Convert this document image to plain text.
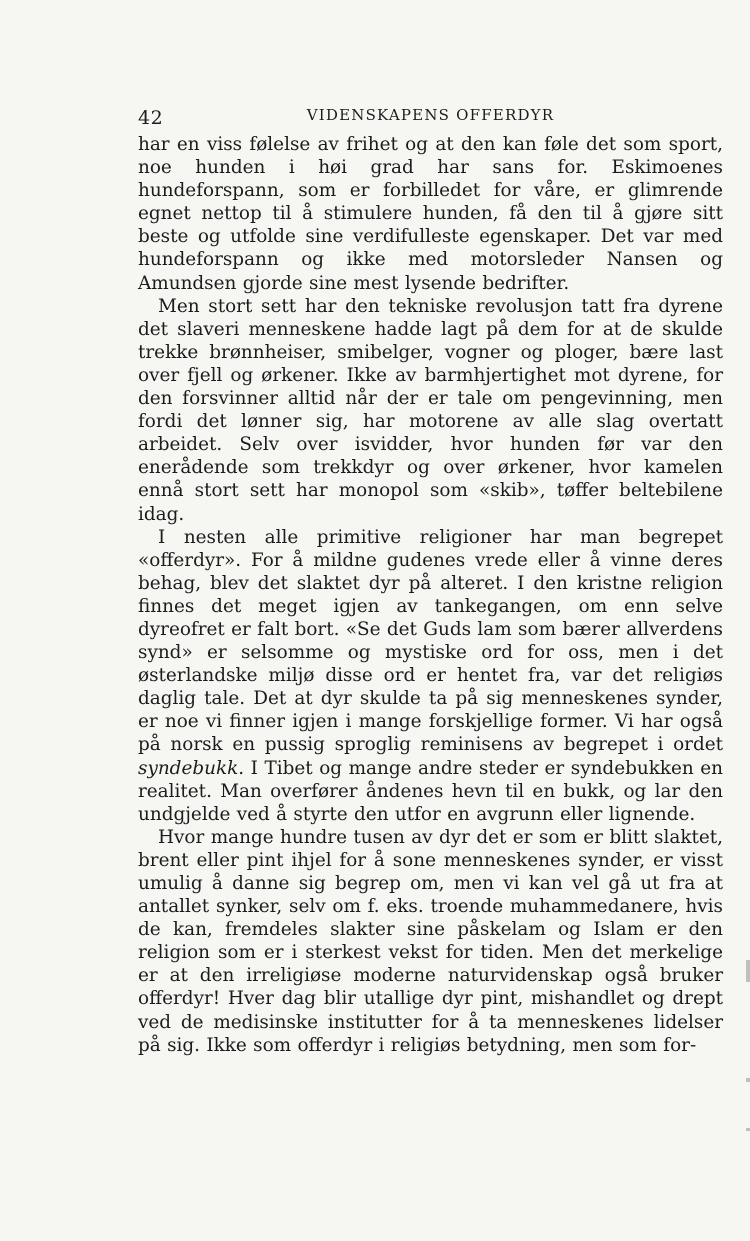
42	VIDENSKAPENS OFFERDYR

har en viss følelse av frihet og at den kan føle det som sport, noe hunden i høi grad har sans for. Eskimoenes hundeforspann, som er forbilledet for våre, er glimrende egnet nettop til å stimulere hunden, få den til å gjøre sitt beste og utfolde sine verdifulleste egenskaper. Det var med hundeforspann og ikke med motorsleder Nansen og Amundsen gjorde sine mest lysende bedrifter.

Men stort sett har den tekniske revolusjon tatt fra dyrene det slaveri menneskene hadde lagt på dem for at de skulde trekke brønnheiser, smibelger, vogner og ploger, bære last over fjell og ørkener. Ikke av barmhjertighet mot dyrene, for den forsvinner alltid når der er tale om pengevinning, men fordi det lønner sig, har motorene av alle slag overtatt arbeidet. Selv over isvidder, hvor hunden før var den enerådende som trekkdyr og over ørkener, hvor kamelen ennå stort sett har monopol som «skib», tøffer beltebilene idag.

I nesten alle primitive religioner har man begrepet «offerdyr». For å mildne gudenes vrede eller å vinne deres behag, blev det slaktet dyr på alteret. I den kristne religion finnes det meget igjen av tankegangen, om enn selve dyreofret er falt bort. «Se det Guds lam som bærer allverdens synd» er selsomme og mystiske ord for oss, men i det østerlandske miljø disse ord er hentet fra, var det religiøs daglig tale. Det at dyr skulde ta på sig menneskenes synder, er noe vi finner igjen i mange forskjellige former. Vi har også på norsk en pussig sproglig reminisens av begrepet i ordet syndebukk. I Tibet og mange andre steder er syndebukken en realitet. Man overfører åndenes hevn til en bukk, og lar den undgjelde ved å styrte den utfor en avgrunn eller lignende.

Hvor mange hundre tusen av dyr det er som er blitt slaktet, brent eller pint ihjel for å sone menneskenes synder, er visst umulig å danne sig begrep om, men vi kan vel gå ut fra at antallet synker, selv om f. eks. troende muhammedanere, hvis de kan, fremdeles slakter sine påskelam og Islam er den religion som er i sterkest vekst for tiden. Men det merkelige er at den irreligiøse moderne naturvidenskap også bruker offerdyr! Hver dag blir utallige dyr pint, mishandlet og drept ved de medisinske institutter for å ta menneskenes lidelser på sig. Ikke som offerdyr i religiøs betydning, men som for-
